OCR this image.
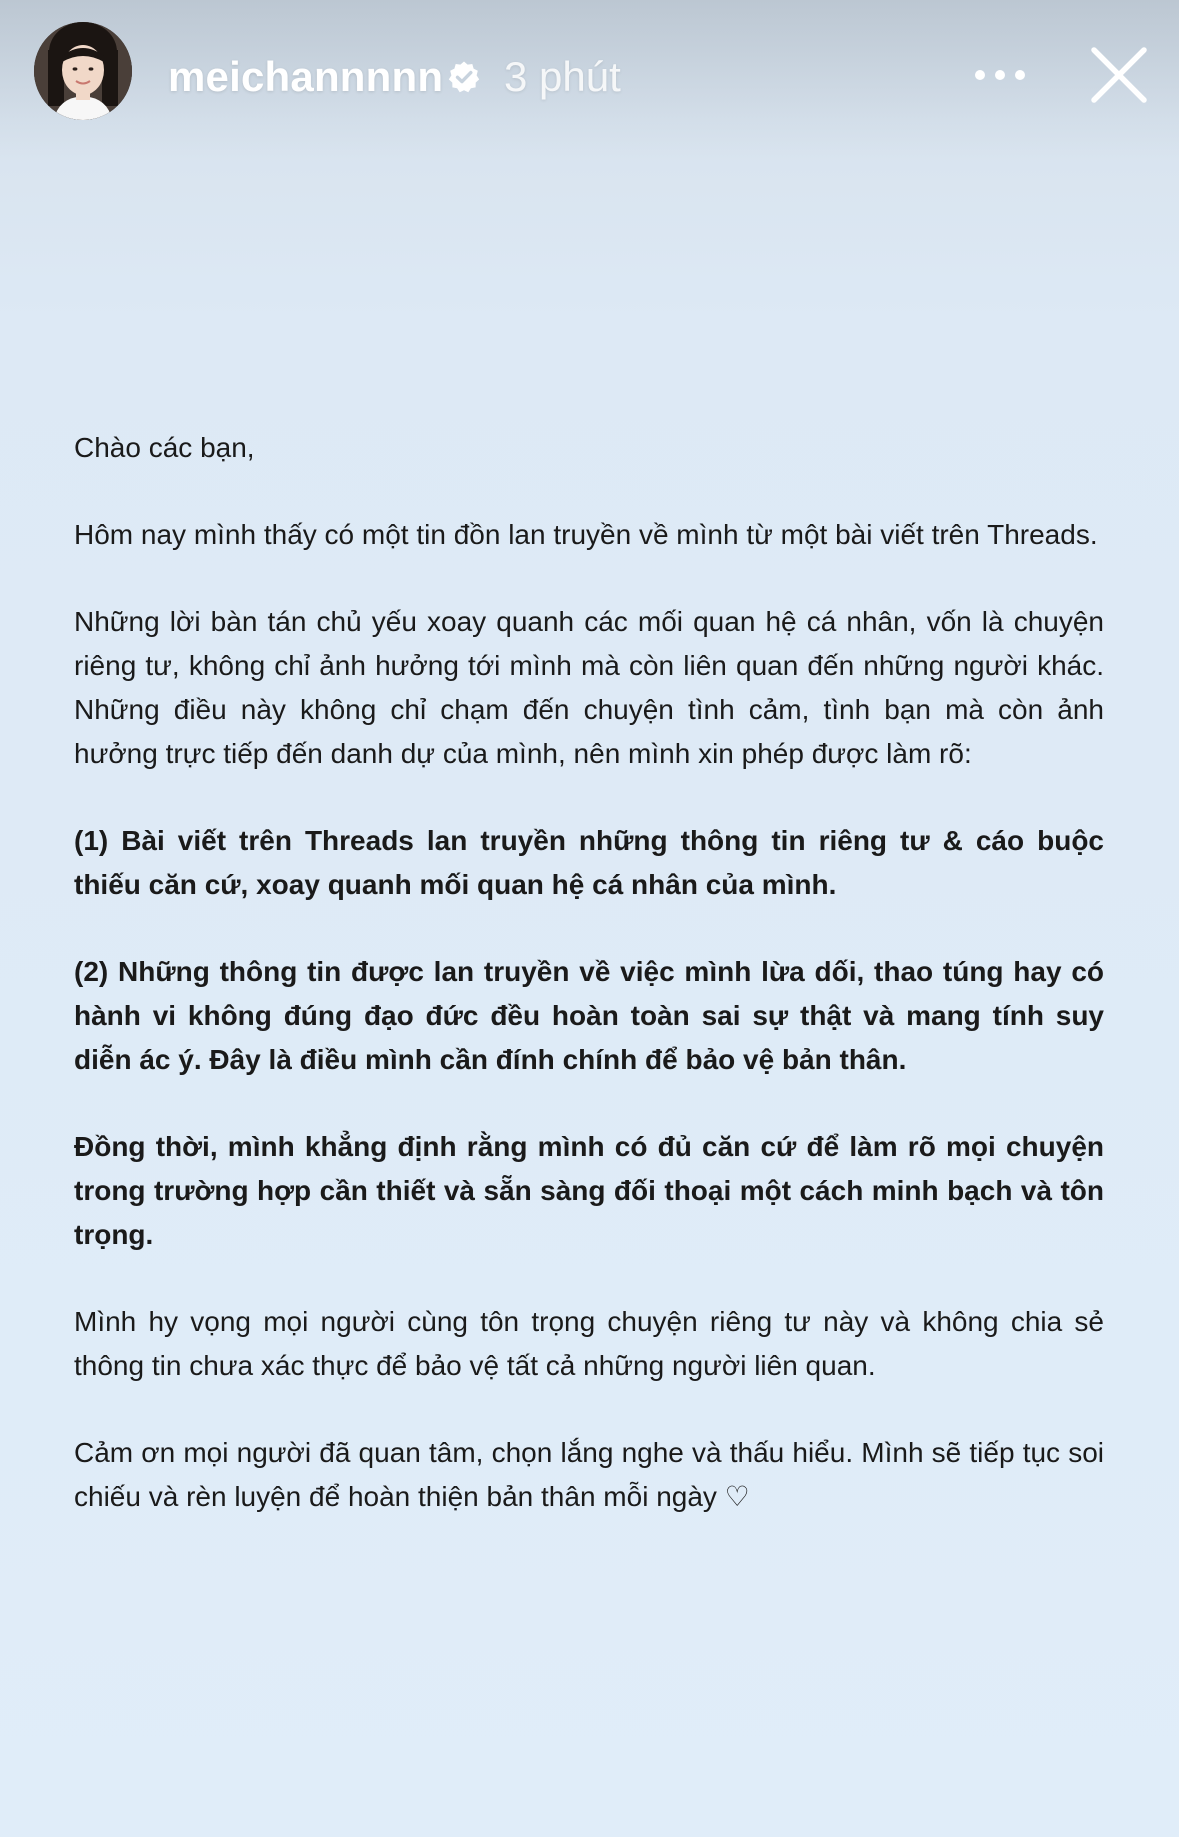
meichannnnn 3 phút

Chào các bạn,

Hôm nay mình thấy có một tin đồn lan truyền về mình từ một bài viết trên Threads.

Những lời bàn tán chủ yếu xoay quanh các mối quan hệ cá nhân, vốn là chuyện riêng tư, không chỉ ảnh hưởng tới mình mà còn liên quan đến những người khác. Những điều này không chỉ chạm đến chuyện tình cảm, tình bạn mà còn ảnh hưởng trực tiếp đến danh dự của mình, nên mình xin phép được làm rõ:

(1) Bài viết trên Threads lan truyền những thông tin riêng tư & cáo buộc thiếu căn cứ, xoay quanh mối quan hệ cá nhân của mình.

(2) Những thông tin được lan truyền về việc mình lừa dối, thao túng hay có hành vi không đúng đạo đức đều hoàn toàn sai sự thật và mang tính suy diễn ác ý. Đây là điều mình cần đính chính để bảo vệ bản thân.

Đồng thời, mình khẳng định rằng mình có đủ căn cứ để làm rõ mọi chuyện trong trường hợp cần thiết và sẵn sàng đối thoại một cách minh bạch và tôn trọng.

Mình hy vọng mọi người cùng tôn trọng chuyện riêng tư này và không chia sẻ thông tin chưa xác thực để bảo vệ tất cả những người liên quan.

Cảm ơn mọi người đã quan tâm, chọn lắng nghe và thấu hiểu. Mình sẽ tiếp tục soi chiếu và rèn luyện để hoàn thiện bản thân mỗi ngày ♡
